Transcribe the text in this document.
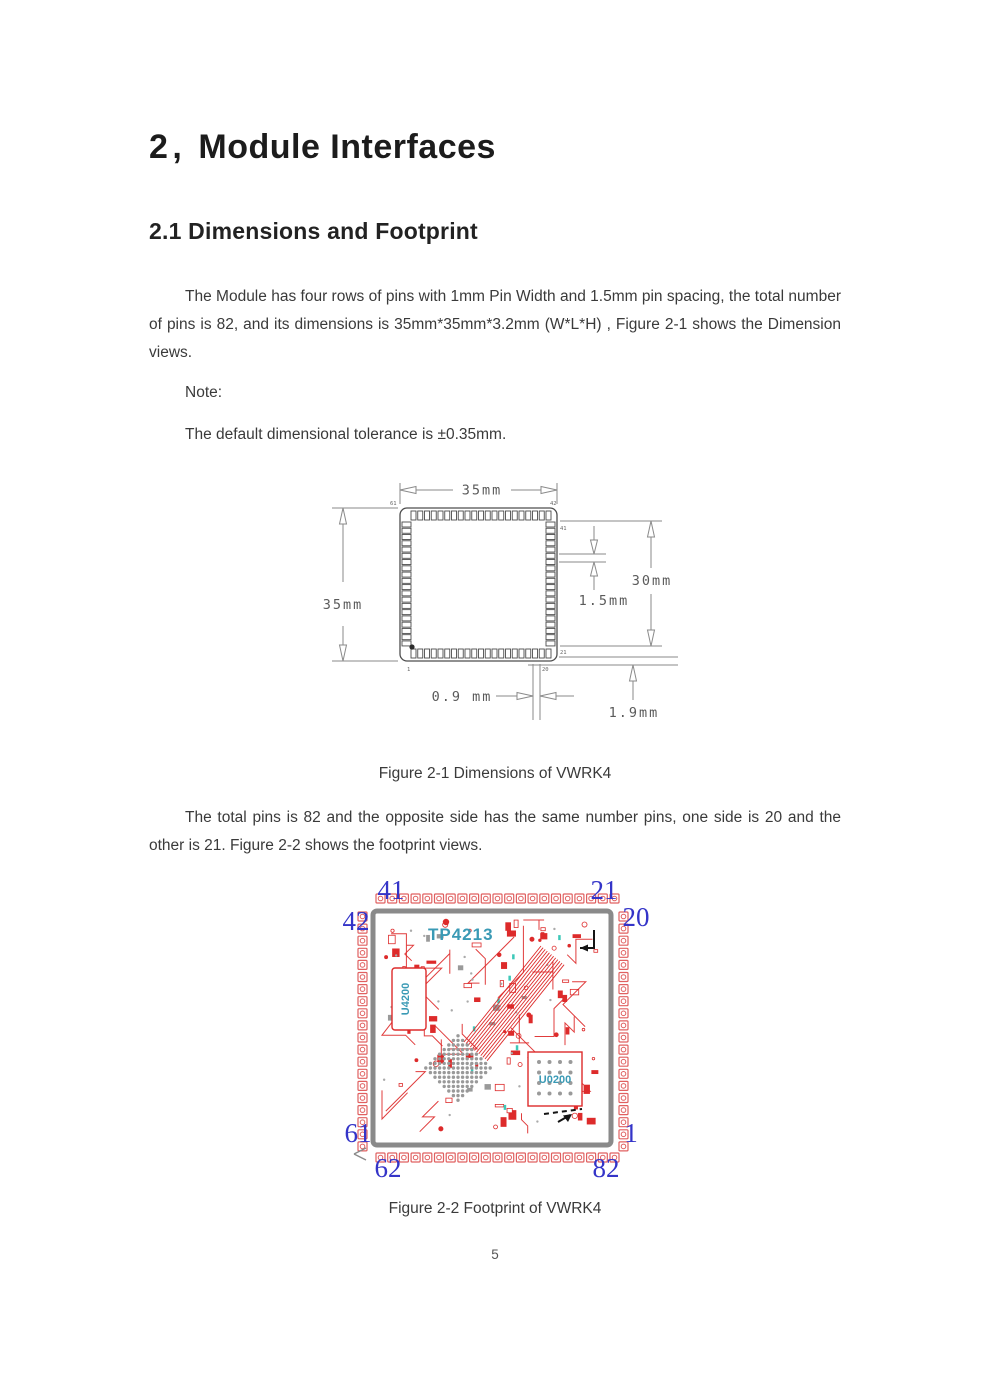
2 , Module Interfaces
2.1 Dimensions and Footprint

The Module has four rows of pins with 1mm Pin Width and 1.5mm pin spacing, the total number of pins is 82, and its dimensions is 35mm*35mm*3.2mm (W*L*H) , Figure 2-1 shows the Dimension views.

Note:

The default dimensional tolerance is ±0.35mm.

35mm
35mm	1.5mm
30mm
0.9 mm
1.9mm
61	42
41
21
20
1

Figure 2-1 Dimensions of VWRK4

The total pins is 82 and the opposite side has the same number pins, one side is 20 and the other is 21. Figure 2-2 shows the footprint views.

TP4213
U4200
U0200
41	21
42	20
61	1
62	82

Figure 2-2 Footprint of VWRK4

5
